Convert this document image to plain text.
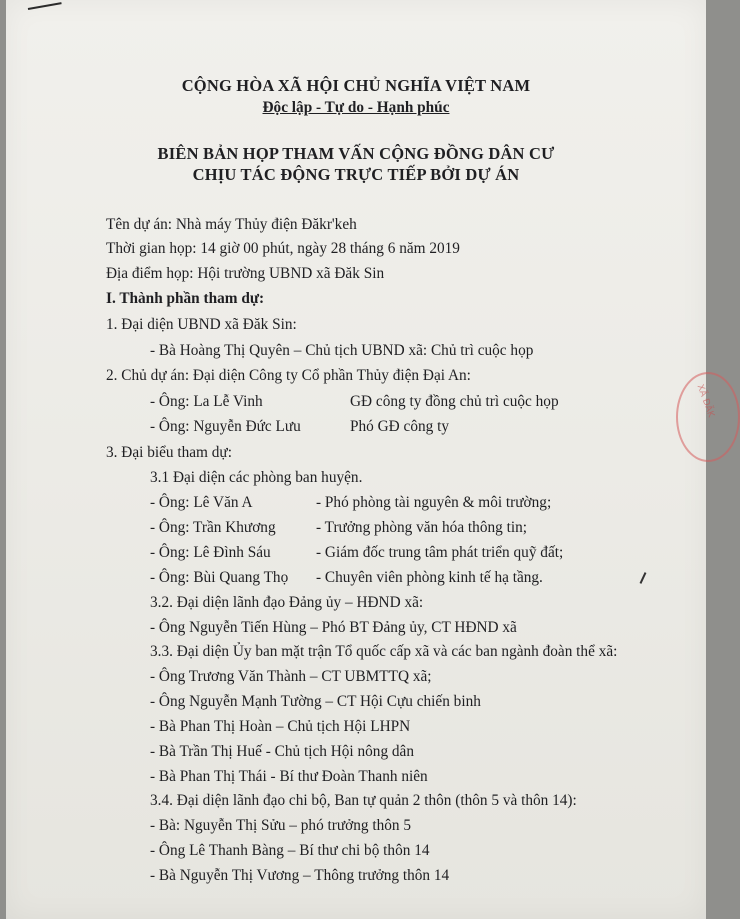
CỘNG HÒA XÃ HỘI CHỦ NGHĨA VIỆT NAM
Độc lập - Tự do - Hạnh phúc
BIÊN BẢN HỌP THAM VẤN CỘNG ĐỒNG DÂN CƯ
CHỊU TÁC ĐỘNG TRỰC TIẾP BỞI DỰ ÁN
Tên dự án: Nhà máy Thủy điện Đăkr'keh
Thời gian họp: 14 giờ 00 phút, ngày 28 tháng 6 năm 2019
Địa điểm họp: Hội trường UBND xã Đăk Sin
I. Thành phần tham dự:
1. Đại diện UBND xã Đăk Sin:
- Bà Hoàng Thị Quyên – Chủ tịch UBND xã: Chủ trì cuộc họp
2. Chủ dự án: Đại diện Công ty Cổ phần Thủy điện Đại An:
- Ông: La Lễ Vinh	GĐ công ty đồng chủ trì cuộc họp
- Ông: Nguyễn Đức Lưu	Phó GĐ công ty
3. Đại biểu tham dự:
3.1 Đại diện các phòng ban huyện.
- Ông: Lê Văn A	- Phó phòng tài nguyên & môi trường;
- Ông: Trần Khương	- Trưởng phòng văn hóa thông tin;
- Ông: Lê Đình Sáu	- Giám đốc trung tâm phát triển quỹ đất;
- Ông: Bùi Quang Thọ - Chuyên viên phòng kinh tế hạ tầng.
3.2. Đại diện lãnh đạo Đảng ủy – HĐND xã:
- Ông Nguyễn Tiến Hùng – Phó BT Đảng ủy, CT HĐND xã
3.3. Đại diện Ủy ban mặt trận Tổ quốc cấp xã và các ban ngành đoàn thể xã:
- Ông Trương Văn Thành – CT UBMTTQ xã;
- Ông Nguyễn Mạnh Tường – CT Hội Cựu chiến binh
- Bà Phan Thị Hoàn – Chủ tịch Hội LHPN
- Bà Trần Thị Huế - Chủ tịch Hội nông dân
- Bà Phan Thị Thái - Bí thư Đoàn Thanh niên
3.4. Đại diện lãnh đạo chi bộ, Ban tự quản 2 thôn (thôn 5 và thôn 14):
- Bà: Nguyễn Thị Sửu – phó trưởng thôn 5
- Ông Lê Thanh Bàng – Bí thư chi bộ thôn 14
- Bà Nguyễn Thị Vương – Thông trưởng thôn 14
XÃ ĐĂK
